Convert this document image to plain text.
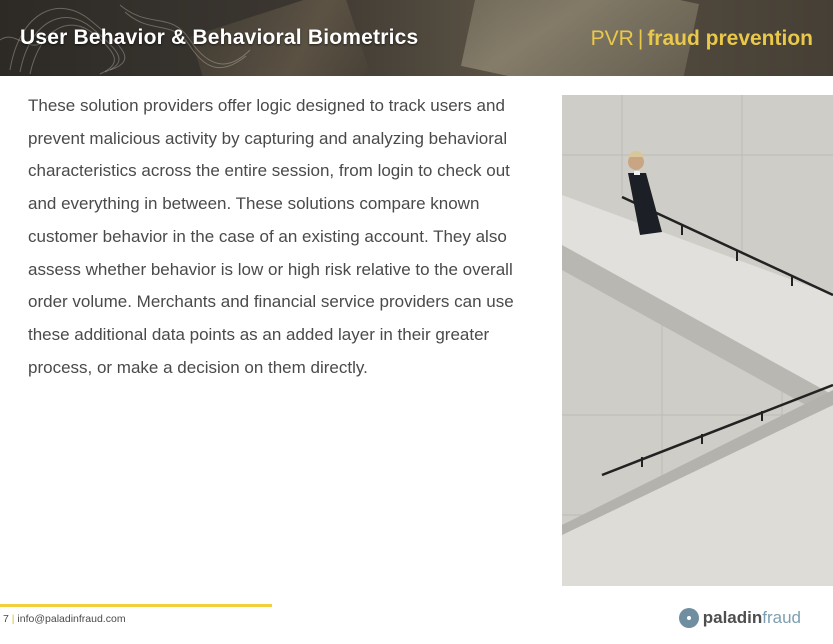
User Behavior & Behavioral Biometrics	PVR | fraud prevention

These solution providers offer logic designed to track users and prevent malicious activity by capturing and analyzing behavioral characteristics across the entire session, from login to check out and everything in between. These solutions compare known customer behavior in the case of an existing account. They also assess whether behavior is low or high risk relative to the overall order volume. Merchants and financial service providers can use these additional data points as an added layer in their greater process, or make a decision on them directly.

7 | info@paladinfraud.com	paladin fraud
